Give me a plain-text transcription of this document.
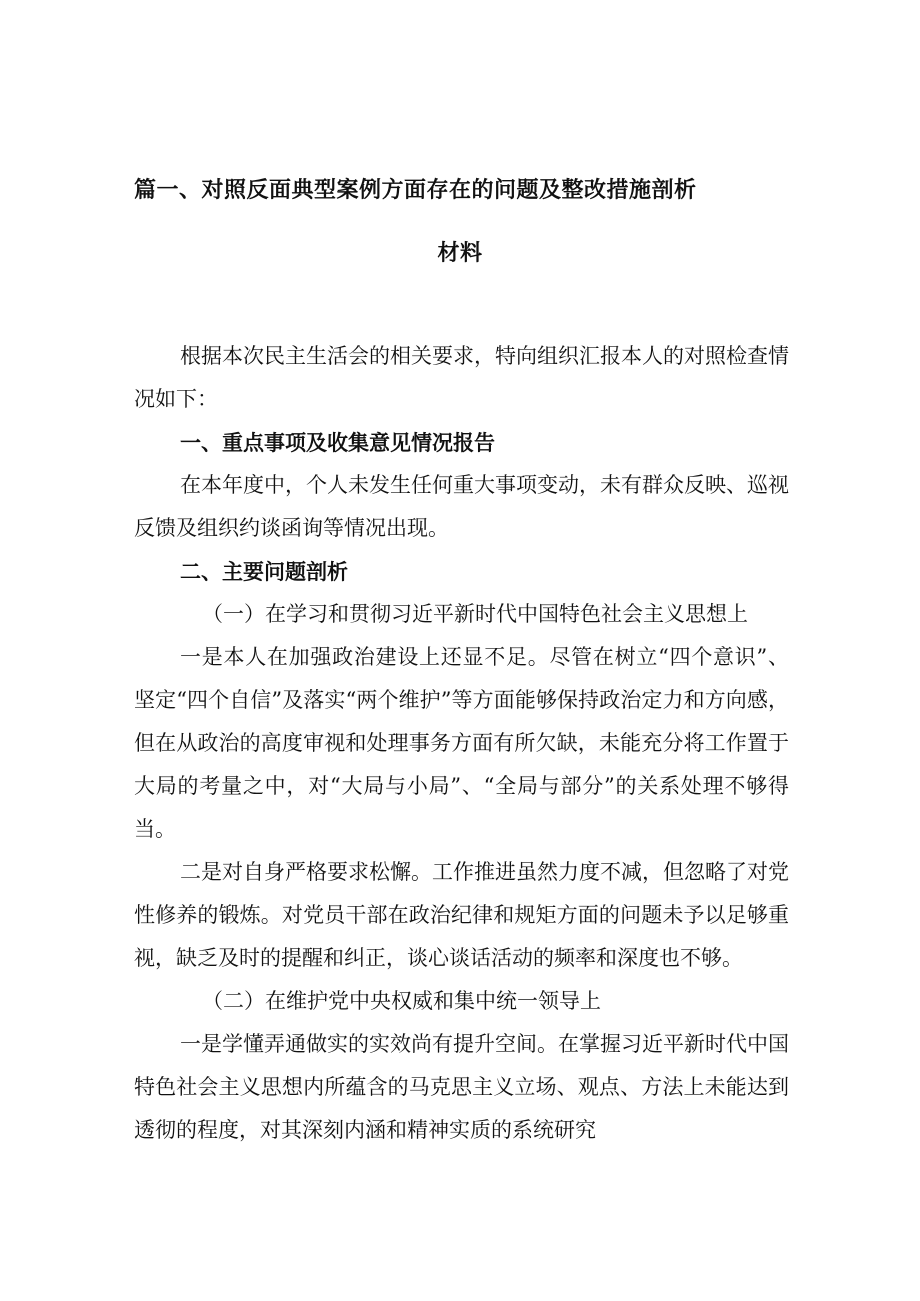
篇一、对照反面典型案例方面存在的问题及整改措施剖析
材料

根据本次民主生活会的相关要求，特向组织汇报本人的对照检查情况如下：

一、重点事项及收集意见情况报告

在本年度中，个人未发生任何重大事项变动，未有群众反映、巡视反馈及组织约谈函询等情况出现。

二、主要问题剖析

（一）在学习和贯彻习近平新时代中国特色社会主义思想上

一是本人在加强政治建设上还显不足。尽管在树立“四个意识”、坚定“四个自信”及落实“两个维护”等方面能够保持政治定力和方向感，但在从政治的高度审视和处理事务方面有所欠缺，未能充分将工作置于大局的考量之中，对“大局与小局”、“全局与部分”的关系处理不够得当。

二是对自身严格要求松懈。工作推进虽然力度不减，但忽略了对党性修养的锻炼。对党员干部在政治纪律和规矩方面的问题未予以足够重视，缺乏及时的提醒和纠正，谈心谈话活动的频率和深度也不够。

（二）在维护党中央权威和集中统一领导上

一是学懂弄通做实的实效尚有提升空间。在掌握习近平新时代中国特色社会主义思想内所蕴含的马克思主义立场、观点、方法上未能达到透彻的程度，对其深刻内涵和精神实质的系统研究
